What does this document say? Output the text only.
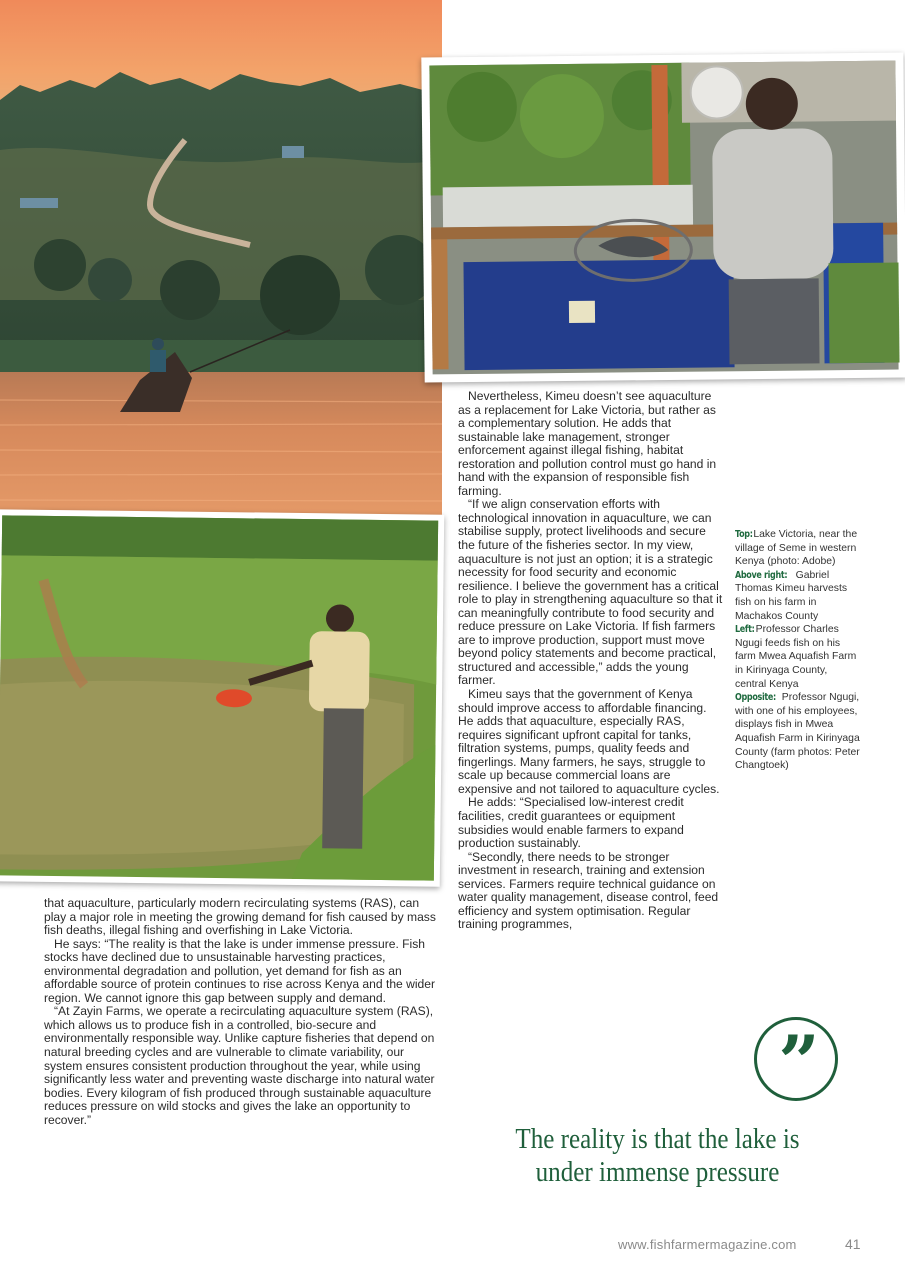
Nevertheless, Kimeu doesn’t see aquaculture as a replacement for Lake Victoria, but rather as a complementary solution. He adds that sustainable lake management, stronger enforcement against illegal fishing, habitat restoration and pollution control must go hand in hand with the expansion of responsible fish farming.

“If we align conservation efforts with technological innovation in aquaculture, we can stabilise supply, protect livelihoods and secure the future of the fisheries sector. In my view, aquaculture is not just an option; it is a strategic necessity for food security and economic resilience. I believe the government has a critical role to play in strengthening aquaculture so that it can meaningfully contribute to food security and reduce pressure on Lake Victoria. If fish farmers are to improve production, support must move beyond policy statements and become practical, structured and accessible,” adds the young farmer.

Kimeu says that the government of Kenya should improve access to affordable financing. He adds that aquaculture, especially RAS, requires significant upfront capital for tanks, filtration systems, pumps, quality feeds and fingerlings. Many farmers, he says, struggle to scale up because commercial loans are expensive and not tailored to aquaculture cycles.

He adds: “Specialised low-interest credit facilities, credit guarantees or equipment subsidies would enable farmers to expand production sustainably.

“Secondly, there needs to be stronger investment in research, training and extension services. Farmers require technical guidance on water quality management, disease control, feed efficiency and system optimisation. Regular training programmes,

that aquaculture, particularly modern recirculating systems (RAS), can play a major role in meeting the growing demand for fish caused by mass fish deaths, illegal fishing and overfishing in Lake Victoria.

He says: “The reality is that the lake is under immense pressure. Fish stocks have declined due to unsustainable harvesting practices, environmental degradation and pollution, yet demand for fish as an affordable source of protein continues to rise across Kenya and the wider region. We cannot ignore this gap between supply and demand.

“At Zayin Farms, we operate a recirculating aquaculture system (RAS), which allows us to produce fish in a controlled, bio-secure and environmentally responsible way. Unlike capture fisheries that depend on natural breeding cycles and are vulnerable to climate variability, our system ensures consistent production throughout the year, while using significantly less water and preventing waste discharge into natural water bodies. Every kilogram of fish produced through sustainable aquaculture reduces pressure on wild stocks and gives the lake an opportunity to recover.”

Top: Lake Victoria, near the village of Seme in western Kenya (photo: Adobe)

Above right: Gabriel Thomas Kimeu harvests fish on his farm in Machakos County

Left: Professor Charles Ngugi feeds fish on his farm Mwea Aquafish Farm in Kirinyaga County, central Kenya

Opposite: Professor Ngugi, with one of his employees, displays fish in Mwea Aquafish Farm in Kirinyaga County (farm photos: Peter Changtoek)

”
The reality is that the lake is under immense pressure
www.fishfarmermagazine.com	41
